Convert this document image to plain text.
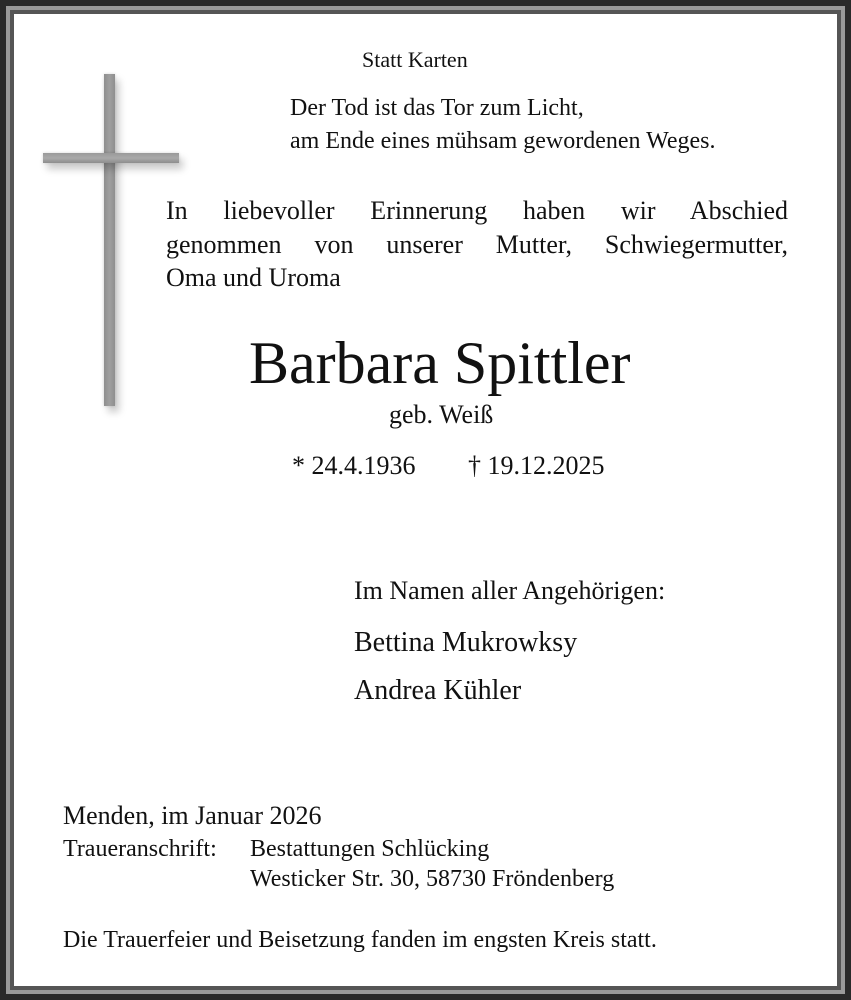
Statt Karten
Der Tod ist das Tor zum Licht,
am Ende eines mühsam gewordenen Weges.
In liebevoller Erinnerung haben wir Abschied
genommen von unserer Mutter, Schwiegermutter,
Oma und Uroma
Barbara Spittler
geb. Weiß
* 24.4.1936 † 19.12.2025
Im Namen aller Angehörigen:
Bettina Mukrowksy
Andrea Kühler
Menden, im Januar 2026
Traueranschrift: Bestattungen Schlücking
Westicker Str. 30, 58730 Fröndenberg
Die Trauerfeier und Beisetzung fanden im engsten Kreis statt.
